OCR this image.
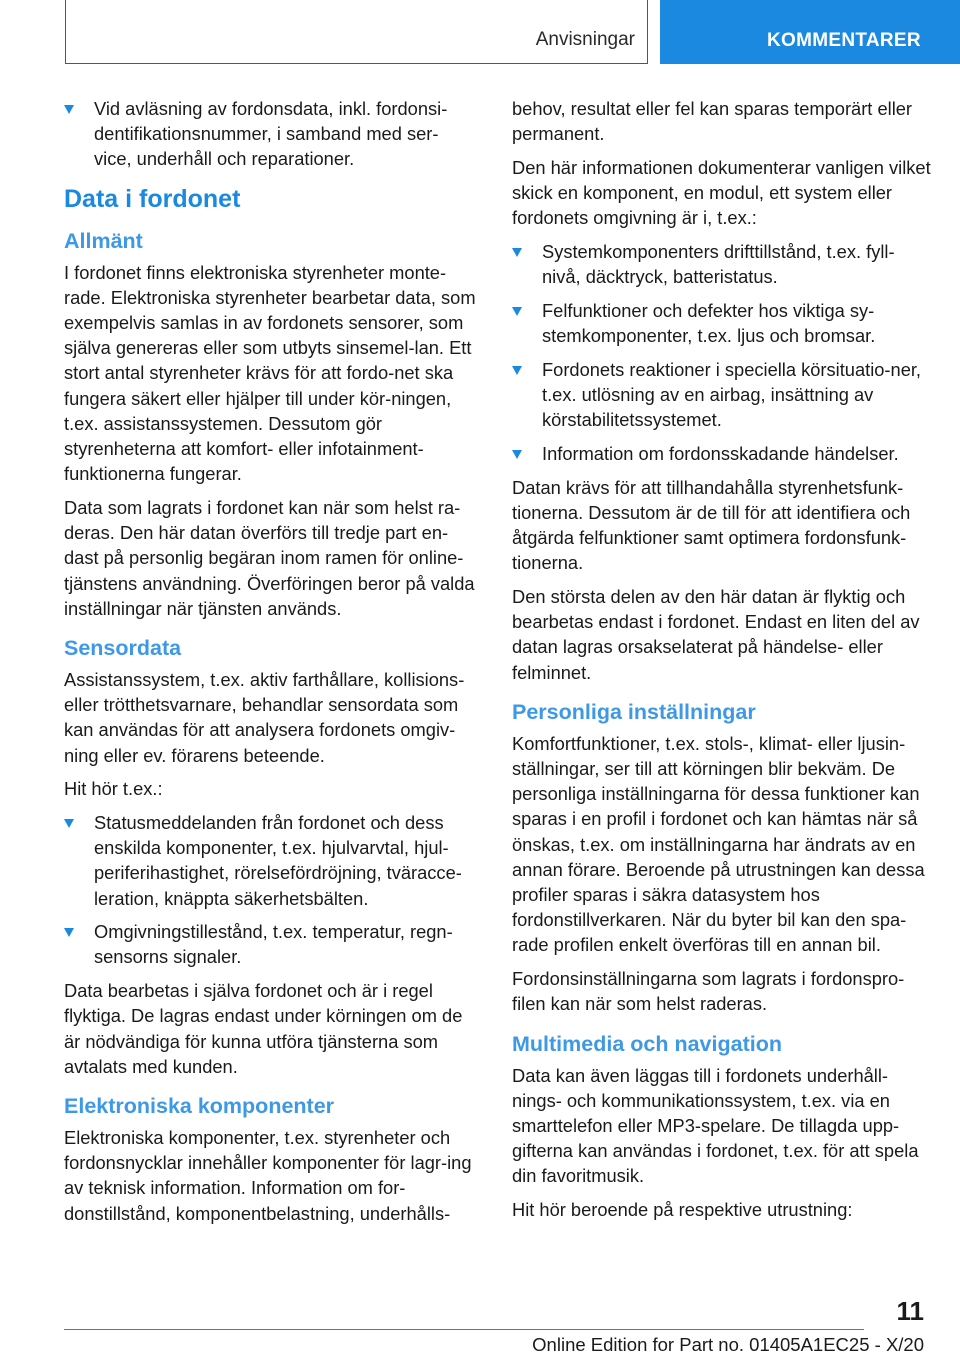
Anvisningar	KOMMENTARER
Vid avläsning av fordonsdata, inkl. fordonsi-dentifikationsnummer, i samband med ser-vice, underhåll och reparationer.
Data i fordonet
Allmänt

I fordonet finns elektroniska styrenheter monte-rade. Elektroniska styrenheter bearbetar data, som exempelvis samlas in av fordonets sensorer, som själva genereras eller som utbyts sinsemel-lan. Ett stort antal styrenheter krävs för att fordo-net ska fungera säkert eller hjälper till under kör-ningen, t.ex. assistanssystemen. Dessutom gör styrenheterna att komfort- eller infotainment-funktionerna fungerar.

Data som lagrats i fordonet kan när som helst ra-deras. Den här datan överförs till tredje part en-dast på personlig begäran inom ramen för online-tjänstens användning. Överföringen beror på valda inställningar när tjänsten används.

Sensordata

Assistanssystem, t.ex. aktiv farthållare, kollisions- eller trötthetsvarnare, behandlar sensordata som kan användas för att analysera fordonets omgiv-ning eller ev. förarens beteende.

Hit hör t.ex.:

Statusmeddelanden från fordonet och dess enskilda komponenter, t.ex. hjulvarvtal, hjul-periferihastighet, rörelsefördröjning, tväracce-leration, knäppta säkerhetsbälten.
Omgivningstillestånd, t.ex. temperatur, regn-sensorns signaler.

Data bearbetas i själva fordonet och är i regel flyktiga. De lagras endast under körningen om de är nödvändiga för kunna utföra tjänsterna som avtalats med kunden.

Elektroniska komponenter

Elektroniska komponenter, t.ex. styrenheter och fordonsnycklar innehåller komponenter för lagr-ing av teknisk information. Information om for-donstillstånd, komponentbelastning, underhålls-

behov, resultat eller fel kan sparas temporärt eller permanent.

Den här informationen dokumenterar vanligen vilket skick en komponent, en modul, ett system eller fordonets omgivning är i, t.ex.:

Systemkomponenters drifttillstånd, t.ex. fyll-nivå, däcktryck, batteristatus.
Felfunktioner och defekter hos viktiga sy-stemkomponenter, t.ex. ljus och bromsar.
Fordonets reaktioner i speciella körsituatio-ner, t.ex. utlösning av en airbag, insättning av körstabilitetssystemet.
Information om fordonsskadande händelser.

Datan krävs för att tillhandahålla styrenhetsfunk-tionerna. Dessutom är de till för att identifiera och åtgärda felfunktioner samt optimera fordonsfunk-tionerna.

Den största delen av den här datan är flyktig och bearbetas endast i fordonet. Endast en liten del av datan lagras orsakselaterat på händelse- eller felminnet.

Personliga inställningar

Komfortfunktioner, t.ex. stols-, klimat- eller ljusin-ställningar, ser till att körningen blir bekväm. De personliga inställningarna för dessa funktioner kan sparas i en profil i fordonet och kan hämtas när så önskas, t.ex. om inställningarna har ändrats av en annan förare. Beroende på utrustningen kan dessa profiler sparas i säkra datasystem hos fordonstillverkaren. När du byter bil kan den spa-rade profilen enkelt överföras till en annan bil.

Fordonsinställningarna som lagrats i fordonspro-filen kan när som helst raderas.

Multimedia och navigation

Data kan även läggas till i fordonets underhåll-nings- och kommunikationssystem, t.ex. via en smarttelefon eller MP3-spelare. De tillagda upp-gifterna kan användas i fordonet, t.ex. för att spela din favoritmusik.

Hit hör beroende på respektive utrustning:

11
Online Edition for Part no. 01405A1EC25 - X/20
